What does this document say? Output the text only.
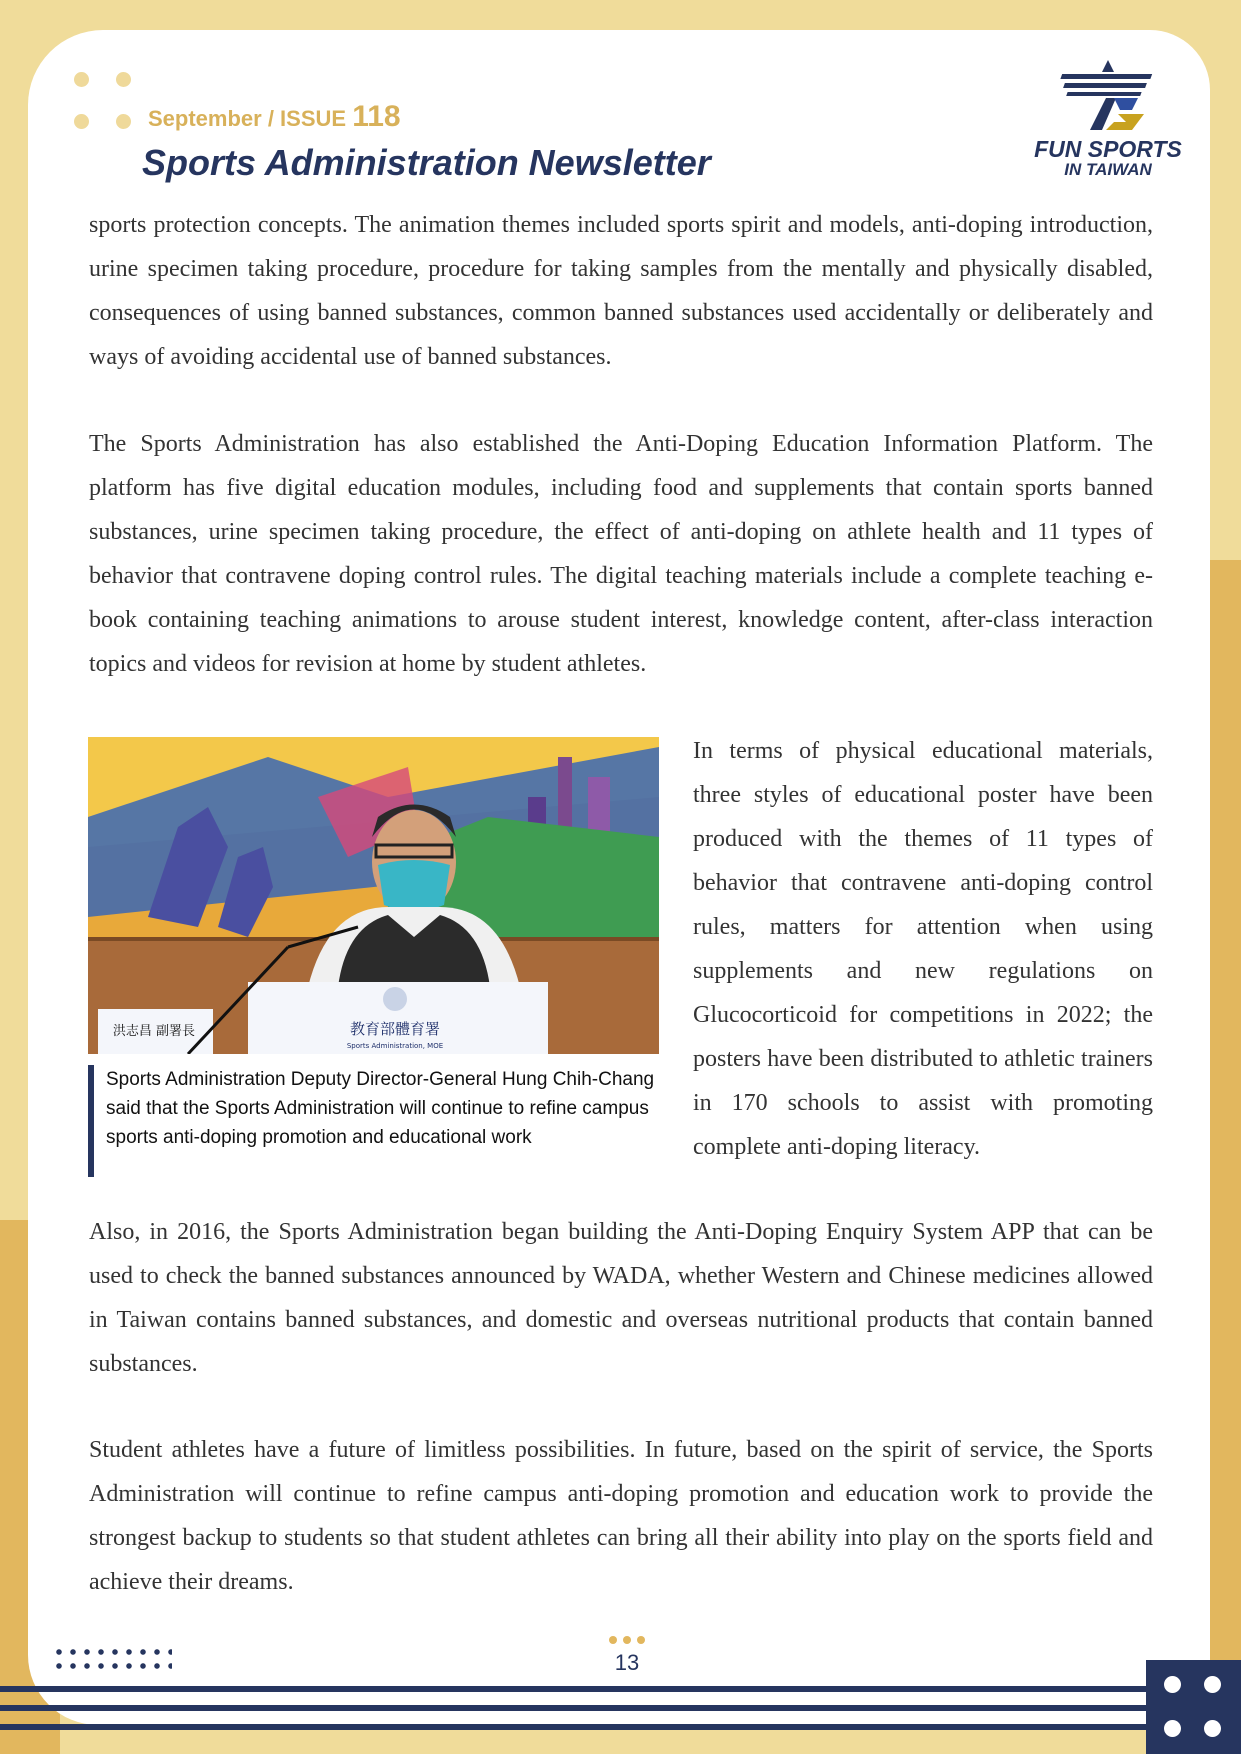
September / ISSUE 118
Sports Administration Newsletter	FUN SPORTS
IN TAIWAN

sports protection concepts. The animation themes included sports spirit and models, anti-doping introduction, urine specimen taking procedure, procedure for taking samples from the mentally and physically disabled, consequences of using banned substances, common banned substances used accidentally or deliberately and ways of avoiding accidental use of banned substances.

The Sports Administration has also established the Anti-Doping Education Information Platform. The platform has five digital education modules, including food and supplements that contain sports banned substances, urine specimen taking procedure, the effect of anti-doping on athlete health and 11 types of behavior that contravene doping control rules. The digital teaching materials include a complete teaching e-book containing teaching animations to arouse student interest, knowledge content, after-class interaction topics and videos for revision at home by student athletes.

教育部體育署
Sports Administration, MOE
洪志昌 副署長

Sports Administration Deputy Director-General Hung Chih-Chang said that the Sports Administration will continue to refine campus sports anti-doping promotion and educational work

In terms of physical educational materials, three styles of educational poster have been produced with the themes of 11 types of behavior that contravene anti-doping control rules, matters for attention when using supplements and new regulations on Glucocorticoid for competitions in 2022; the posters have been distributed to athletic trainers in 170 schools to assist with promoting complete anti-doping literacy.

Also, in 2016, the Sports Administration began building the Anti-Doping Enquiry System APP that can be used to check the banned substances announced by WADA, whether Western and Chinese medicines allowed in Taiwan contains banned substances, and domestic and overseas nutritional products that contain banned substances.

Student athletes have a future of limitless possibilities. In future, based on the spirit of service, the Sports Administration will continue to refine campus anti-doping promotion and education work to provide the strongest backup to students so that student athletes can bring all their ability into play on the sports field and achieve their dreams.

13
